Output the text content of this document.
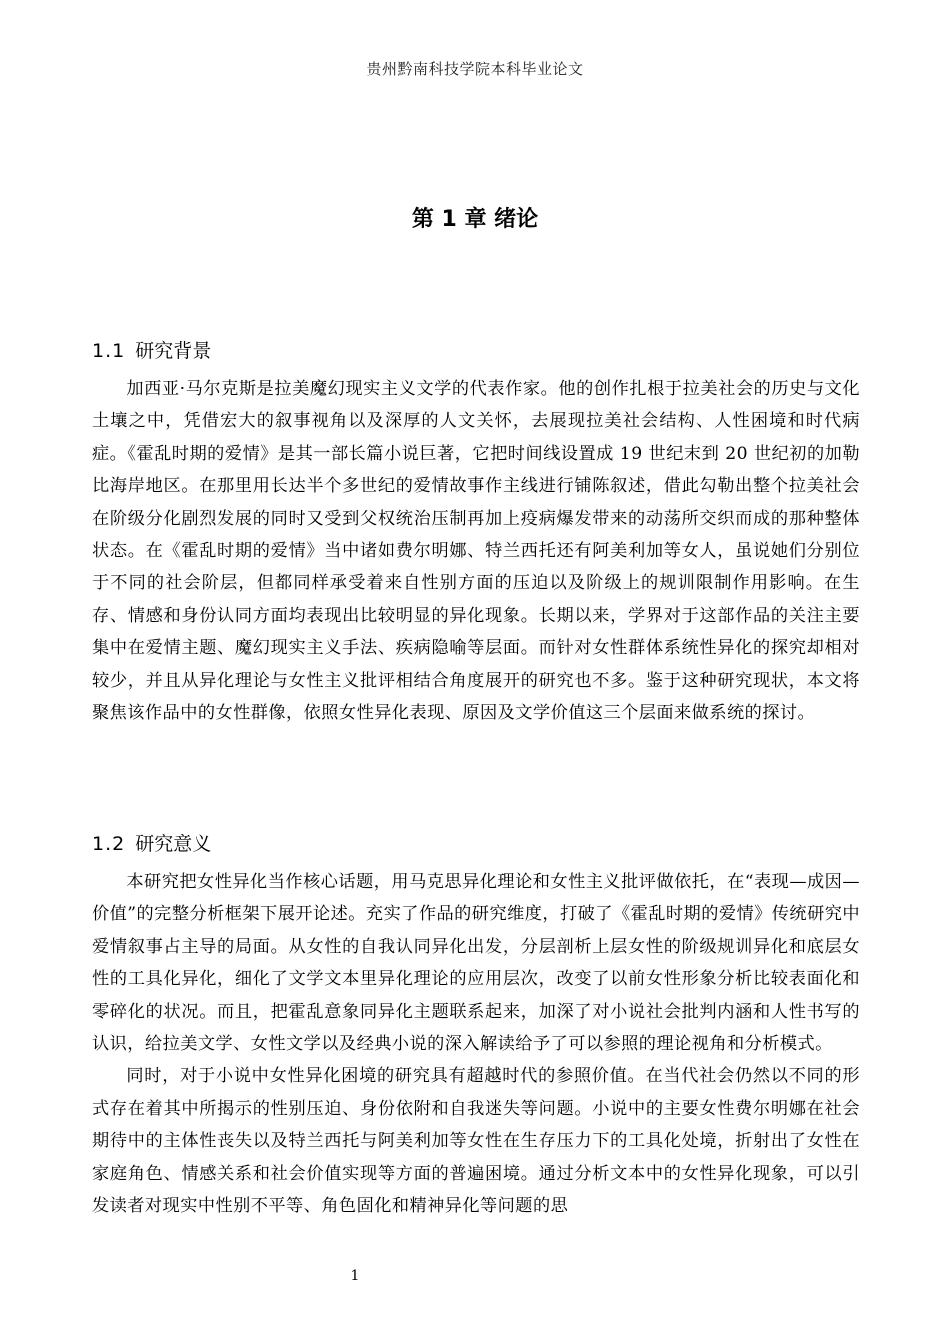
贵州黔南科技学院本科毕业论文
第 1 章 绪论
1.1 研究背景

加西亚·马尔克斯是拉美魔幻现实主义文学的代表作家。他的创作扎根于拉美社会的历史与文化土壤之中，凭借宏大的叙事视角以及深厚的人文关怀，去展现拉美社会结构、人性困境和时代病症。《霍乱时期的爱情》是其一部长篇小说巨著，它把时间线设置成 19 世纪末到 20 世纪初的加勒比海岸地区。在那里用长达半个多世纪的爱情故事作主线进行铺陈叙述，借此勾勒出整个拉美社会在阶级分化剧烈发展的同时又受到父权统治压制再加上疫病爆发带来的动荡所交织而成的那种整体状态。在《霍乱时期的爱情》当中诸如费尔明娜、特兰西托还有阿美利加等女人，虽说她们分别位于不同的社会阶层，但都同样承受着来自性别方面的压迫以及阶级上的规训限制作用影响。在生存、情感和身份认同方面均表现出比较明显的异化现象。长期以来，学界对于这部作品的关注主要集中在爱情主题、魔幻现实主义手法、疾病隐喻等层面。而针对女性群体系统性异化的探究却相对较少，并且从异化理论与女性主义批评相结合角度展开的研究也不多。鉴于这种研究现状，本文将聚焦该作品中的女性群像，依照女性异化表现、原因及文学价值这三个层面来做系统的探讨。

1.2 研究意义

本研究把女性异化当作核心话题，用马克思异化理论和女性主义批评做依托，在“表现—成因—价值”的完整分析框架下展开论述。充实了作品的研究维度，打破了《霍乱时期的爱情》传统研究中爱情叙事占主导的局面。从女性的自我认同异化出发，分层剖析上层女性的阶级规训异化和底层女性的工具化异化，细化了文学文本里异化理论的应用层次，改变了以前女性形象分析比较表面化和零碎化的状况。而且，把霍乱意象同异化主题联系起来，加深了对小说社会批判内涵和人性书写的认识，给拉美文学、女性文学以及经典小说的深入解读给予了可以参照的理论视角和分析模式。

同时，对于小说中女性异化困境的研究具有超越时代的参照价值。在当代社会仍然以不同的形式存在着其中所揭示的性别压迫、身份依附和自我迷失等问题。小说中的主要女性费尔明娜在社会期待中的主体性丧失以及特兰西托与阿美利加等女性在生存压力下的工具化处境，折射出了女性在家庭角色、情感关系和社会价值实现等方面的普遍困境。通过分析文本中的女性异化现象，可以引发读者对现实中性别不平等、角色固化和精神异化等问题的思

1
